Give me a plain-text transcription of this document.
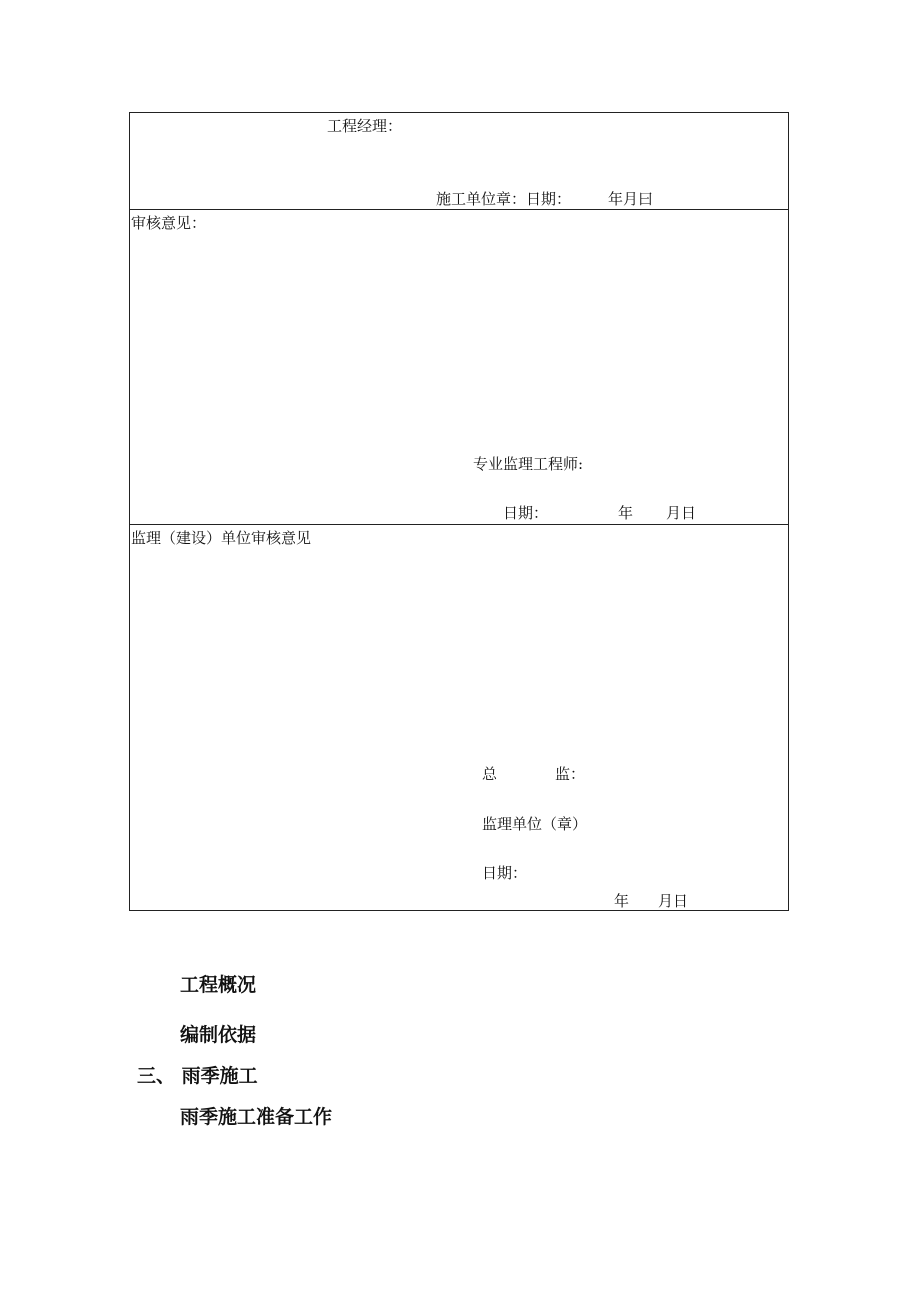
工程经理：
施工单位章：日期： 年月曰
审核意见：
专业监理工程师:
日期：	年 月日
监理（建设）单位审核意见
总	监：
监理单位（章）
日期：
年 月日
工程概况
编制依据
三、 雨季施工
雨季施工准备工作
